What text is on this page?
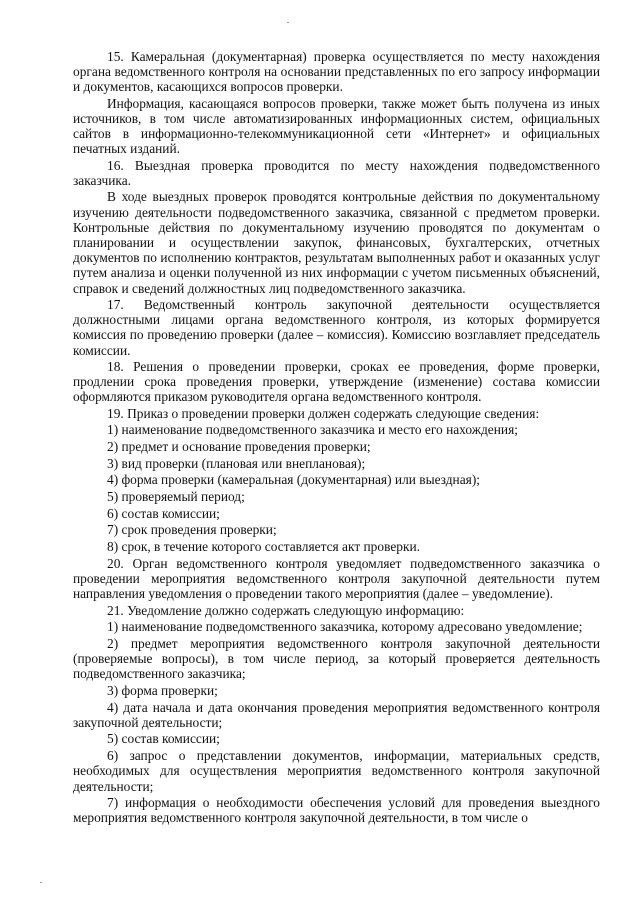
15. Камеральная (документарная) проверка осуществляется по месту нахождения органа ведомственного контроля на основании представленных по его запросу информации и документов, касающихся вопросов проверки.

Информация, касающаяся вопросов проверки, также может быть получена из иных источников, в том числе автоматизированных информационных систем, официальных сайтов в информационно-телекоммуникационной сети «Интернет» и официальных печатных изданий.

16. Выездная проверка проводится по месту нахождения подведомственного заказчика.

В ходе выездных проверок проводятся контрольные действия по документальному изучению деятельности подведомственного заказчика, связанной с предметом проверки. Контрольные действия по документальному изучению проводятся по документам о планировании и осуществлении закупок, финансовых, бухгалтерских, отчетных документов по исполнению контрактов, результатам выполненных работ и оказанных услуг путем анализа и оценки полученной из них информации с учетом письменных объяснений, справок и сведений должностных лиц подведомственного заказчика.

17. Ведомственный контроль закупочной деятельности осуществляется должностными лицами органа ведомственного контроля, из которых формируется комиссия по проведению проверки (далее – комиссия). Комиссию возглавляет председатель комиссии.

18. Решения о проведении проверки, сроках ее проведения, форме проверки, продлении срока проведения проверки, утверждение (изменение) состава комиссии оформляются приказом руководителя органа ведомственного контроля.

19. Приказ о проведении проверки должен содержать следующие сведения:

1) наименование подведомственного заказчика и место его нахождения;

2) предмет и основание проведения проверки;

3) вид проверки (плановая или внеплановая);

4) форма проверки (камеральная (документарная) или выездная);

5) проверяемый период;

6) состав комиссии;

7) срок проведения проверки;

8) срок, в течение которого составляется акт проверки.

20. Орган ведомственного контроля уведомляет подведомственного заказчика о проведении мероприятия ведомственного контроля закупочной деятельности путем направления уведомления о проведении такого мероприятия (далее – уведомление).

21. Уведомление должно содержать следующую информацию:

1) наименование подведомственного заказчика, которому адресовано уведомление;

2) предмет мероприятия ведомственного контроля закупочной деятельности (проверяемые вопросы), в том числе период, за который проверяется деятельность подведомственного заказчика;

3) форма проверки;

4) дата начала и дата окончания проведения мероприятия ведомственного контроля закупочной деятельности;

5) состав комиссии;

6) запрос о представлении документов, информации, материальных средств, необходимых для осуществления мероприятия ведомственного контроля закупочной деятельности;

7) информация о необходимости обеспечения условий для проведения выездного мероприятия ведомственного контроля закупочной деятельности, в том числе о
